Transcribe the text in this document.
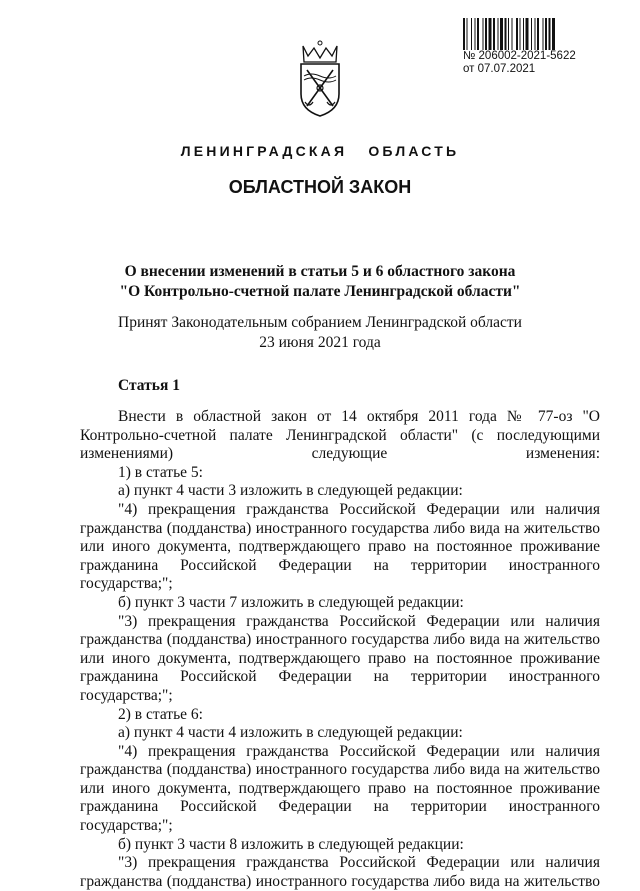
№ 206002-2021-5622
от 07.07.2021
ЛЕНИНГРАДСКАЯ ОБЛАСТЬ
ОБЛАСТНОЙ ЗАКОН
О внесении изменений в статьи 5 и 6 областного закона
"О Контрольно-счетной палате Ленинградской области"
Принят Законодательным собранием Ленинградской области
23 июня 2021 года
Статья 1

Внести в областной закон от 14 октября 2011 года № 77-оз "О Контрольно-счетной палате Ленинградской области" (с последующими изменениями) следующие изменения:

1) в статье 5:

а) пункт 4 части 3 изложить в следующей редакции:

"4) прекращения гражданства Российской Федерации или наличия гражданства (подданства) иностранного государства либо вида на жительство или иного документа, подтверждающего право на постоянное проживание гражданина Российской Федерации на территории иностранного государства;";

б) пункт 3 части 7 изложить в следующей редакции:

"3) прекращения гражданства Российской Федерации или наличия гражданства (подданства) иностранного государства либо вида на жительство или иного документа, подтверждающего право на постоянное проживание гражданина Российской Федерации на территории иностранного государства;";

2) в статье 6:

а) пункт 4 части 4 изложить в следующей редакции:

"4) прекращения гражданства Российской Федерации или наличия гражданства (подданства) иностранного государства либо вида на жительство или иного документа, подтверждающего право на постоянное проживание гражданина Российской Федерации на территории иностранного государства;";

б) пункт 3 части 8 изложить в следующей редакции:

"3) прекращения гражданства Российской Федерации или наличия гражданства (подданства) иностранного государства либо вида на жительство
